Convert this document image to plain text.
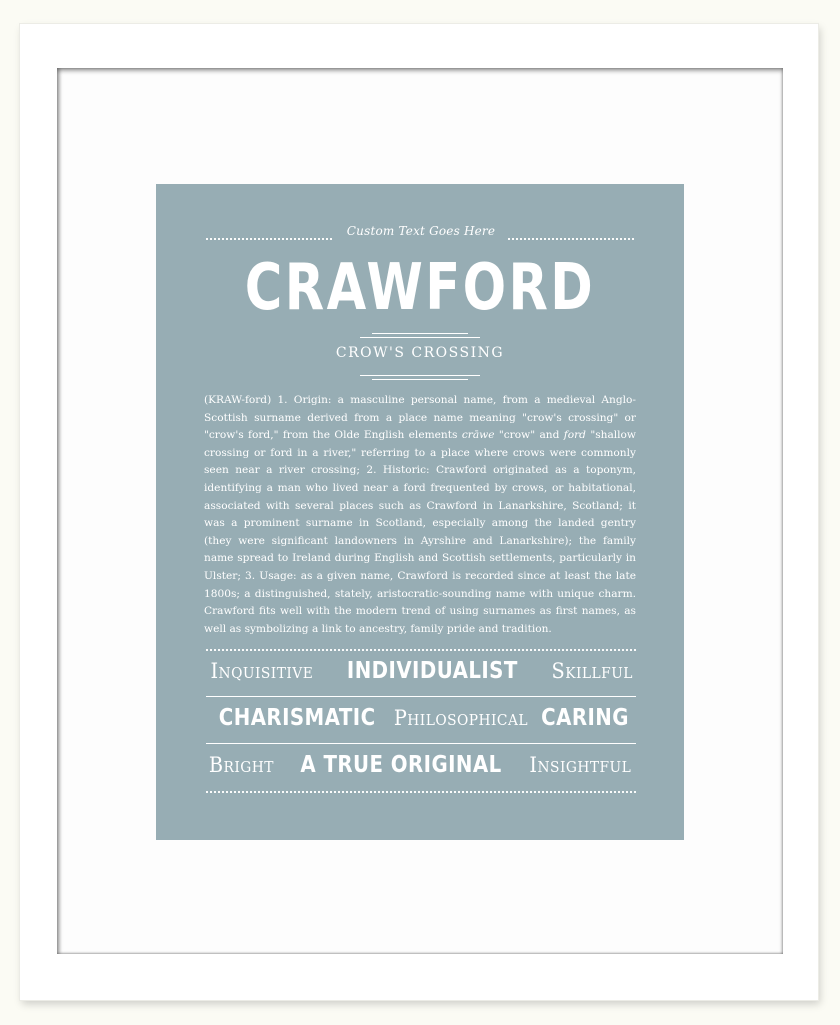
Custom Text Goes Here
CRAWFORD
CROW'S CROSSING

(KRAW-ford) 1. Origin: a masculine personal name, from a medieval Anglo-Scottish surname derived from a place name meaning "crow's crossing" or "crow's ford," from the Olde English elements crāwe "crow" and ford "shallow crossing or ford in a river," referring to a place where crows were commonly seen near a river crossing; 2. Historic: Crawford originated as a toponym, identifying a man who lived near a ford frequented by crows, or habitational, associated with several places such as Crawford in Lanarkshire, Scotland; it was a prominent surname in Scotland, especially among the landed gentry (they were significant landowners in Ayrshire and Lanarkshire); the family name spread to Ireland during English and Scottish settlements, particularly in Ulster; 3. Usage: as a given name, Crawford is recorded since at least the late 1800s; a distinguished, stately, aristocratic-sounding name with unique charm. Crawford fits well with the modern trend of using surnames as first names, as well as symbolizing a link to ancestry, family pride and tradition.

Inquisitive INDIVIDUALIST Skillful
CHARISMATIC Philosophical CARING
Bright A TRUE ORIGINAL Insightful
